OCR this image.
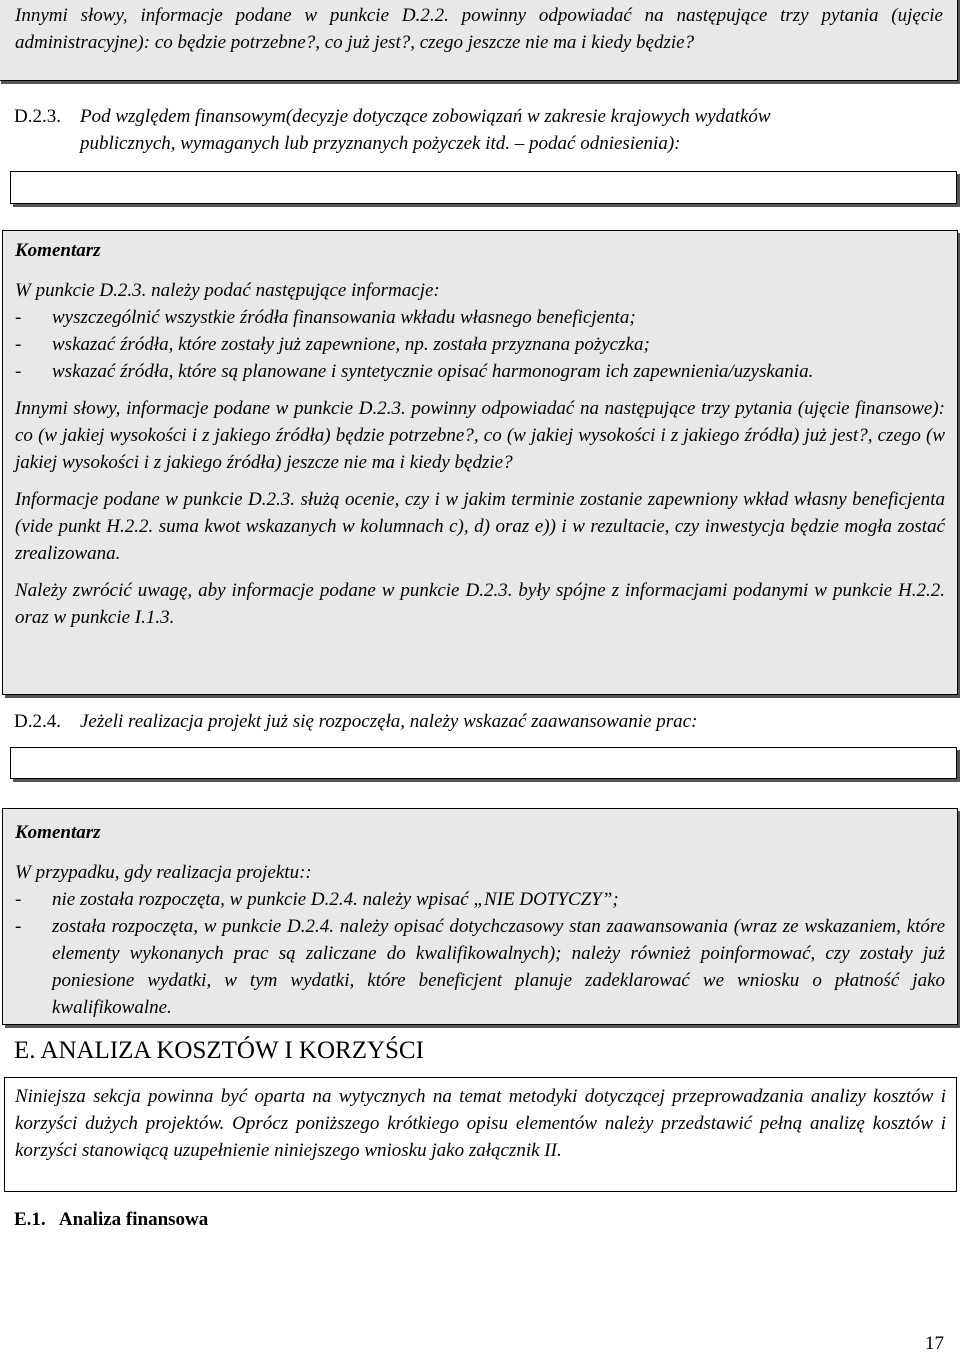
Innymi słowy, informacje podane w punkcie D.2.2. powinny odpowiadać na następujące trzy pytania (ujęcie administracyjne): co będzie potrzebne?, co już jest?, czego jeszcze nie ma i kiedy będzie?

D.2.3.	Pod względem finansowym(decyzje dotyczące zobowiązań w zakresie krajowych wydatków
publicznych, wymaganych lub przyznanych pożyczek itd. – podać odniesienia):

Komentarz

W punkcie D.2.3. należy podać następujące informacje:

-	wyszczególnić wszystkie źródła finansowania wkładu własnego beneficjenta;
-	wskazać źródła, które zostały już zapewnione, np. została przyznana pożyczka;
-	wskazać źródła, które są planowane i syntetycznie opisać harmonogram ich zapewnienia/uzyskania.

Innymi słowy, informacje podane w punkcie D.2.3. powinny odpowiadać na następujące trzy pytania (ujęcie finansowe): co (w jakiej wysokości i z jakiego źródła) będzie potrzebne?, co (w jakiej wysokości i z jakiego źródła) już jest?, czego (w jakiej wysokości i z jakiego źródła) jeszcze nie ma i kiedy będzie?

Informacje podane w punkcie D.2.3. służą ocenie, czy i w jakim terminie zostanie zapewniony wkład własny beneficjenta (vide punkt H.2.2. suma kwot wskazanych w kolumnach c), d) oraz e)) i w rezultacie, czy inwestycja będzie mogła zostać zrealizowana.

Należy zwrócić uwagę, aby informacje podane w punkcie D.2.3. były spójne z informacjami podanymi w punkcie H.2.2. oraz w punkcie I.1.3.

D.2.4.	Jeżeli realizacja projekt już się rozpoczęła, należy wskazać zaawansowanie prac:

Komentarz

W przypadku, gdy realizacja projektu::

-	nie została rozpoczęta, w punkcie D.2.4. należy wpisać „NIE DOTYCZY”;
-	została rozpoczęta, w punkcie D.2.4. należy opisać dotychczasowy stan zaawansowania (wraz ze wskazaniem, które elementy wykonanych prac są zaliczane do kwalifikowalnych); należy również poinformować, czy zostały już poniesione wydatki, w tym wydatki, które beneficjent planuje zadeklarować we wniosku o płatność jako kwalifikowalne.
E. ANALIZA KOSZTÓW I KORZYŚCI

Niniejsza sekcja powinna być oparta na wytycznych na temat metodyki dotyczącej przeprowadzania analizy kosztów i korzyści dużych projektów. Oprócz poniższego krótkiego opisu elementów należy przedstawić pełną analizę kosztów i korzyści stanowiącą uzupełnienie niniejszego wniosku jako załącznik II.

E.1.   Analiza finansowa
17
